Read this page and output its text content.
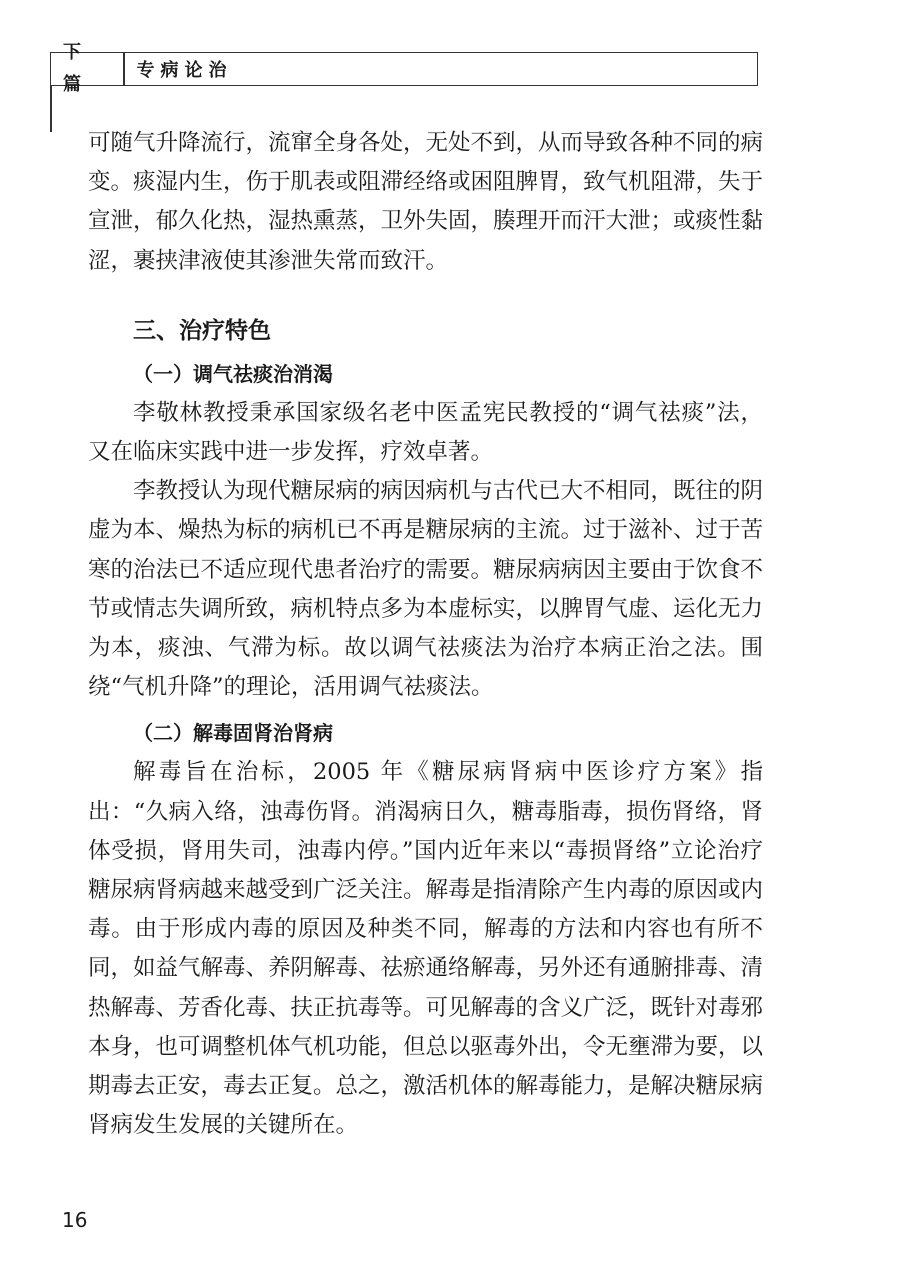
下 篇
专病论治

可随气升降流行，流窜全身各处，无处不到，从而导致各种不同的病变。痰湿内生，伤于肌表或阻滞经络或困阻脾胃，致气机阻滞，失于宣泄，郁久化热，湿热熏蒸，卫外失固，腠理开而汗大泄；或痰性黏涩，裹挟津液使其渗泄失常而致汗。

三、治疗特色
（一）调气祛痰治消渴

李敬林教授秉承国家级名老中医孟宪民教授的“调气祛痰”法，又在临床实践中进一步发挥，疗效卓著。

李教授认为现代糖尿病的病因病机与古代已大不相同，既往的阴虚为本、燥热为标的病机已不再是糖尿病的主流。过于滋补、过于苦寒的治法已不适应现代患者治疗的需要。糖尿病病因主要由于饮食不节或情志失调所致，病机特点多为本虚标实，以脾胃气虚、运化无力为本，痰浊、气滞为标。故以调气祛痰法为治疗本病正治之法。围绕“气机升降”的理论，活用调气祛痰法。

（二）解毒固肾治肾病

解毒旨在治标，2005 年《糖尿病肾病中医诊疗方案》指出：“久病入络，浊毒伤肾。消渴病日久，糖毒脂毒，损伤肾络，肾体受损，肾用失司，浊毒内停。”国内近年来以“毒损肾络”立论治疗糖尿病肾病越来越受到广泛关注。解毒是指清除产生内毒的原因或内毒。由于形成内毒的原因及种类不同，解毒的方法和内容也有所不同，如益气解毒、养阴解毒、祛瘀通络解毒，另外还有通腑排毒、清热解毒、芳香化毒、扶正抗毒等。可见解毒的含义广泛，既针对毒邪本身，也可调整机体气机功能，但总以驱毒外出，令无壅滞为要，以期毒去正安，毒去正复。总之，激活机体的解毒能力，是解决糖尿病肾病发生发展的关键所在。

16
